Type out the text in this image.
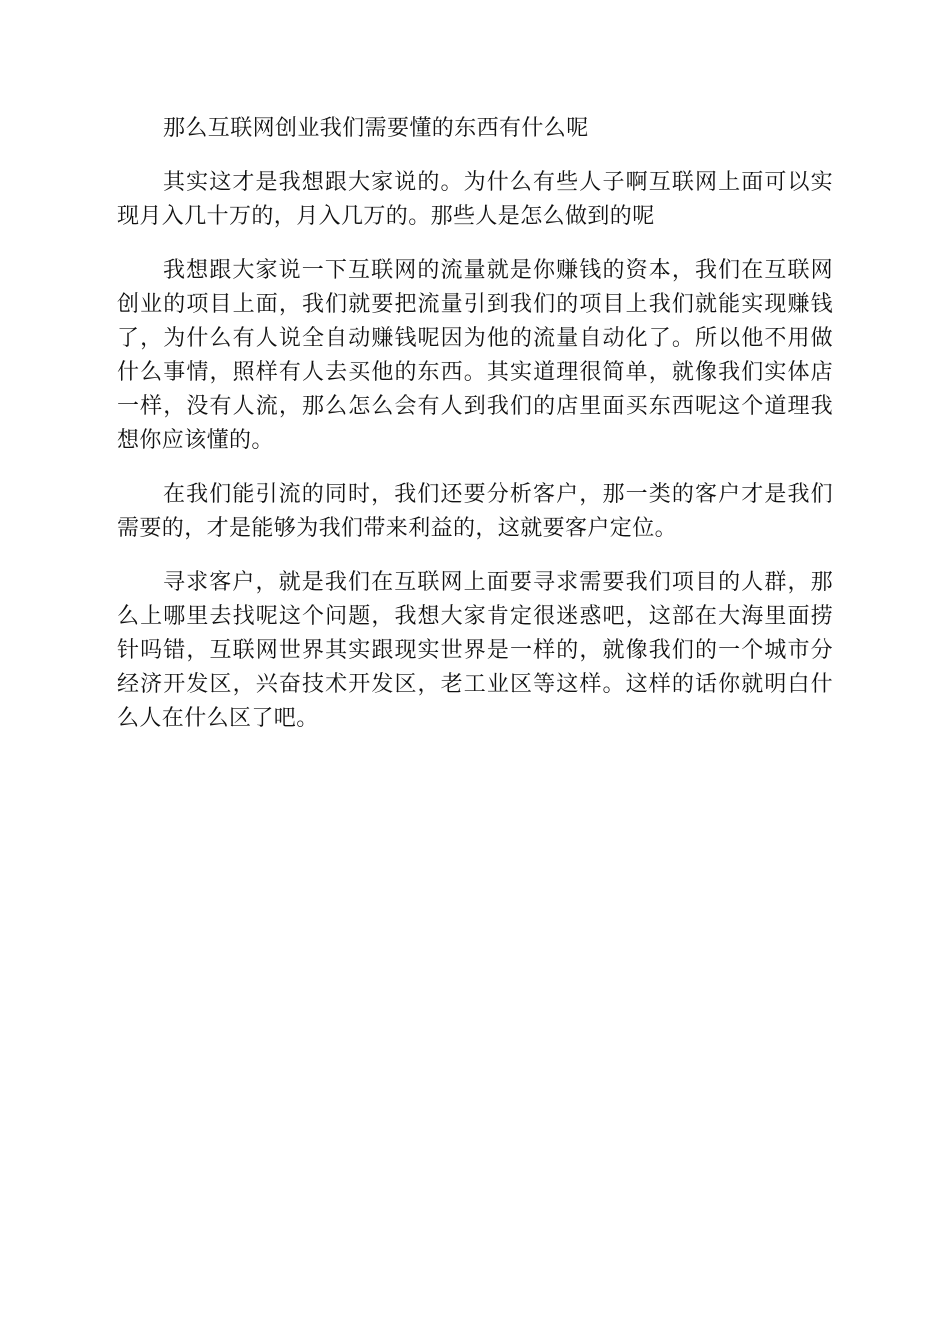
那么互联网创业我们需要懂的东西有什么呢

其实这才是我想跟大家说的。为什么有些人子啊互联网上面可以实现月入几十万的，月入几万的。那些人是怎么做到的呢

我想跟大家说一下互联网的流量就是你赚钱的资本，我们在互联网创业的项目上面，我们就要把流量引到我们的项目上我们就能实现赚钱了，为什么有人说全自动赚钱呢因为他的流量自动化了。所以他不用做什么事情，照样有人去买他的东西。其实道理很简单，就像我们实体店一样，没有人流，那么怎么会有人到我们的店里面买东西呢这个道理我想你应该懂的。

在我们能引流的同时，我们还要分析客户，那一类的客户才是我们需要的，才是能够为我们带来利益的，这就要客户定位。

寻求客户，就是我们在互联网上面要寻求需要我们项目的人群，那么上哪里去找呢这个问题，我想大家肯定很迷惑吧，这部在大海里面捞针吗错，互联网世界其实跟现实世界是一样的，就像我们的一个城市分经济开发区，兴奋技术开发区，老工业区等这样。这样的话你就明白什么人在什么区了吧。
